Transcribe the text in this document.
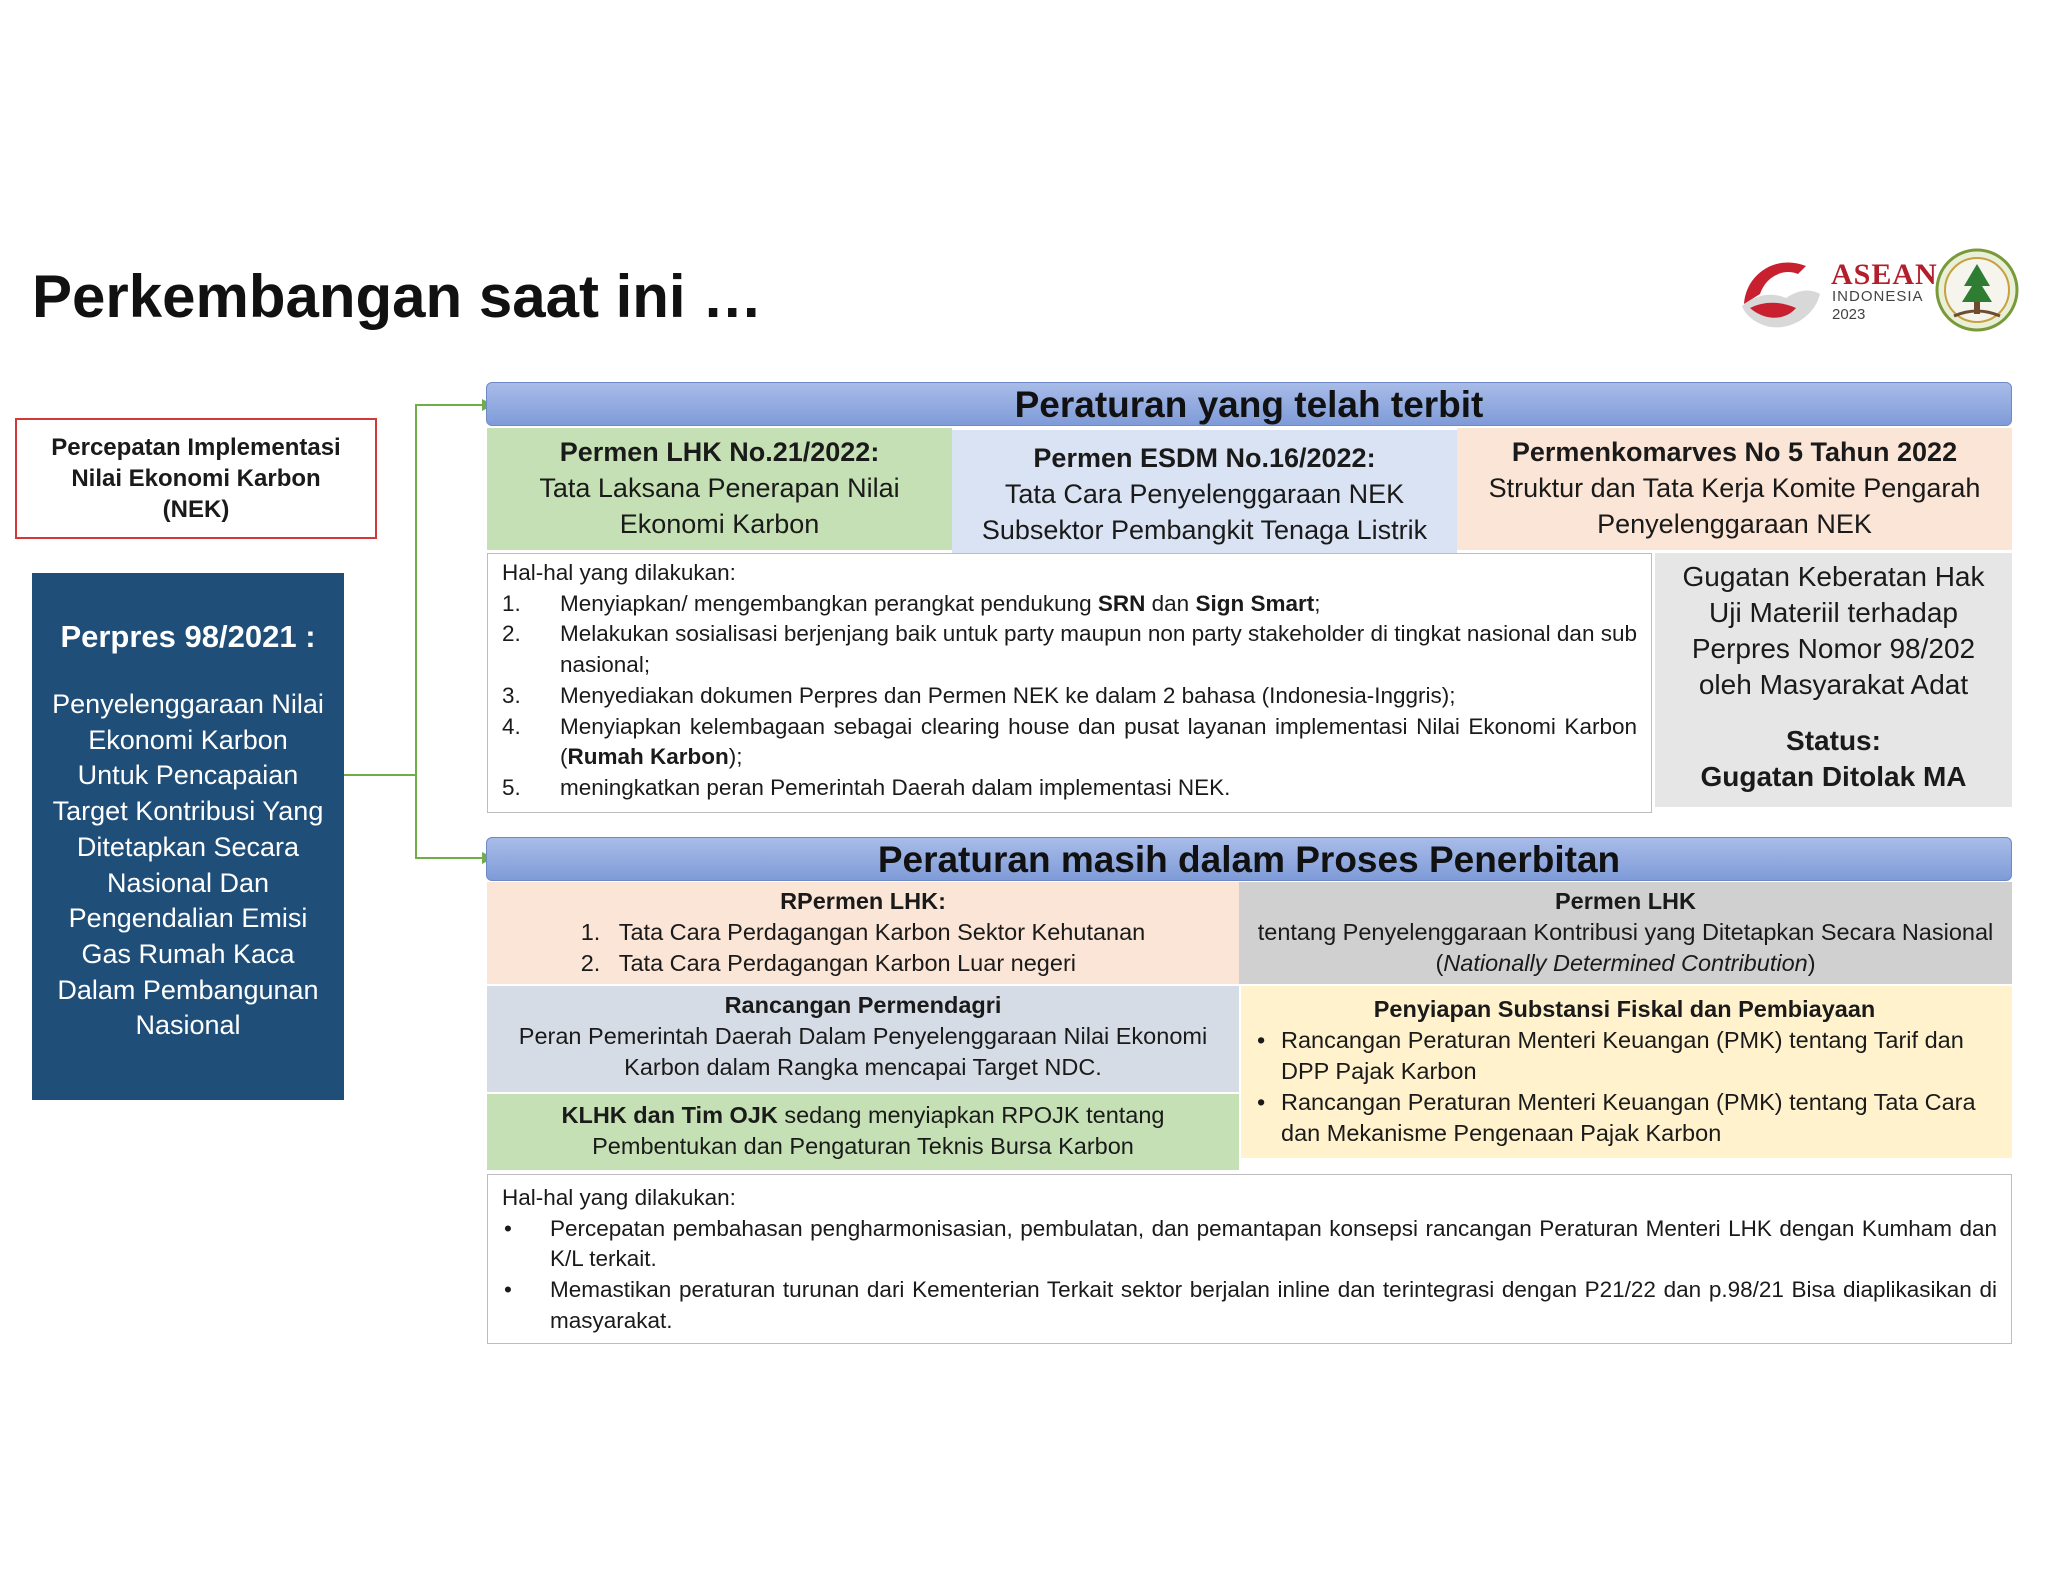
Perkembangan saat ini …	ASEAN
INDONESIA
2023
Percepatan Implementasi Nilai Ekonomi Karbon (NEK)
Perpres 98/2021 :
Penyelenggaraan Nilai Ekonomi Karbon Untuk Pencapaian Target Kontribusi Yang Ditetapkan Secara Nasional Dan Pengendalian Emisi Gas Rumah Kaca Dalam Pembangunan Nasional
Peraturan yang telah terbit
Permen LHK No.21/2022:
Tata Laksana Penerapan Nilai Ekonomi Karbon
Permen ESDM No.16/2022:
Tata Cara Penyelenggaraan NEK Subsektor Pembangkit Tenaga Listrik
Permenkomarves No 5 Tahun 2022
Struktur dan Tata Kerja Komite Pengarah Penyelenggaraan NEK
Hal-hal yang dilakukan:
1. Menyiapkan/ mengembangkan perangkat pendukung SRN dan Sign Smart;
2. Melakukan sosialisasi berjenjang baik untuk party maupun non party stakeholder di tingkat nasional dan sub nasional;
3. Menyediakan dokumen Perpres dan Permen NEK ke dalam 2 bahasa (Indonesia-Inggris);
4. Menyiapkan kelembagaan sebagai clearing house dan pusat layanan implementasi Nilai Ekonomi Karbon (Rumah Karbon);
5. meningkatkan peran Pemerintah Daerah dalam implementasi NEK.
Gugatan Keberatan Hak Uji Materiil terhadap Perpres Nomor 98/202 oleh Masyarakat Adat
Status:
Gugatan Ditolak MA
Peraturan masih dalam Proses Penerbitan
RPermen LHK:
1. Tata Cara Perdagangan Karbon Sektor Kehutanan
2. Tata Cara Perdagangan Karbon Luar negeri
Permen LHK
tentang Penyelenggaraan Kontribusi yang Ditetapkan Secara Nasional
(Nationally Determined Contribution)
Rancangan Permendagri
Peran Pemerintah Daerah Dalam Penyelenggaraan Nilai Ekonomi Karbon dalam Rangka mencapai Target NDC.
KLHK dan Tim OJK sedang menyiapkan RPOJK tentang Pembentukan dan Pengaturan Teknis Bursa Karbon
Penyiapan Substansi Fiskal dan Pembiayaan
• Rancangan Peraturan Menteri Keuangan (PMK) tentang Tarif dan DPP Pajak Karbon
• Rancangan Peraturan Menteri Keuangan (PMK) tentang Tata Cara dan Mekanisme Pengenaan Pajak Karbon
Hal-hal yang dilakukan:
• Percepatan pembahasan pengharmonisasian, pembulatan, dan pemantapan konsepsi rancangan Peraturan Menteri LHK dengan Kumham dan K/L terkait.
• Memastikan peraturan turunan dari Kementerian Terkait sektor berjalan inline dan terintegrasi dengan P21/22 dan p.98/21 Bisa diaplikasikan di masyarakat.
